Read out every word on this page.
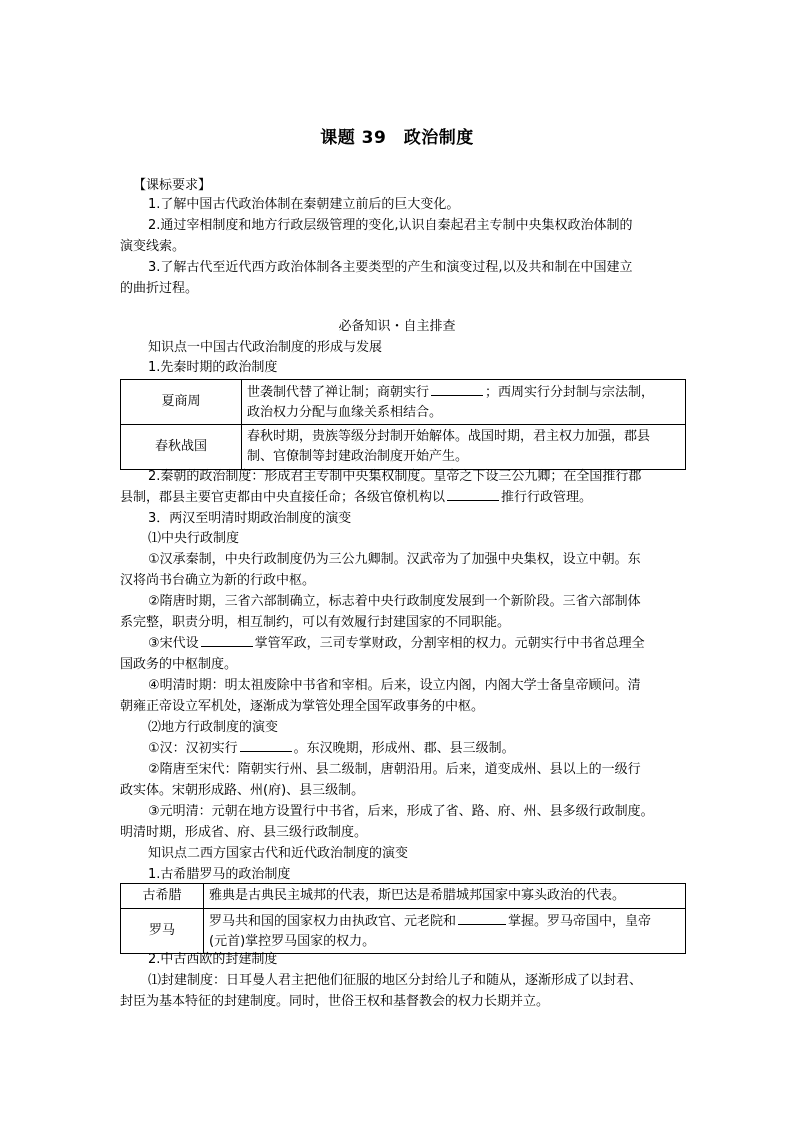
课题 39　政治制度
【课标要求】
1.了解中国古代政治体制在秦朝建立前后的巨大变化。
2.通过宰相制度和地方行政层级管理的变化,认识自秦起君主专制中央集权政治体制的
演变线索。
3.了解古代至近代西方政治体制各主要类型的产生和演变过程,以及共和制在中国建立
的曲折过程。
必备知识・自主排查
知识点一中国古代政治制度的形成与发展
1.先秦时期的政治制度
夏商周	世袭制代替了禅让制；商朝实行 ；西周实行分封制与宗法制，
政治权力分配与血缘关系相结合。

春秋战国	春秋时期，贵族等级分封制开始解体。战国时期，君主权力加强，郡县
制、官僚制等封建政治制度开始产生。
2.秦朝的政治制度：形成君主专制中央集权制度。皇帝之下设三公九卿；在全国推行郡
县制，郡县主要官吏都由中央直接任命；各级官僚机构以	推行行政管理。
3．两汉至明清时期政治制度的演变
⑴中央行政制度
①汉承秦制，中央行政制度仍为三公九卿制。汉武帝为了加强中央集权，设立中朝。东
汉将尚书台确立为新的行政中枢。
②隋唐时期，三省六部制确立，标志着中央行政制度发展到一个新阶段。三省六部制体
系完整，职责分明，相互制约，可以有效履行封建国家的不同职能。
③宋代设	掌管军政，三司专掌财政，分割宰相的权力。元朝实行中书省总理全
国政务的中枢制度。
④明清时期：明太祖废除中书省和宰相。后来，设立内阁，内阁大学士备皇帝顾问。清
朝雍正帝设立军机处，逐渐成为掌管处理全国军政事务的中枢。
⑵地方行政制度的演变
①汉：汉初实行	。东汉晚期，形成州、郡、县三级制。
②隋唐至宋代：隋朝实行州、县二级制，唐朝沿用。后来，道变成州、县以上的一级行
政实体。宋朝形成路、州(府)、县三级制。
③元明清：元朝在地方设置行中书省，后来，形成了省、路、府、州、县多级行政制度。
明清时期，形成省、府、县三级行政制度。
知识点二西方国家古代和近代政治制度的演变
1.古希腊罗马的政治制度
古希腊	雅典是古典民主城邦的代表，斯巴达是希腊城邦国家中寡头政治的代表。
罗马	罗马共和国的国家权力由执政官、元老院和 掌握。罗马帝国中，皇帝
(元首)掌控罗马国家的权力。
2.中古西欧的封建制度
⑴封建制度：日耳曼人君主把他们征服的地区分封给儿子和随从，逐渐形成了以封君、
封臣为基本特征的封建制度。同时，世俗王权和基督教会的权力长期并立。
